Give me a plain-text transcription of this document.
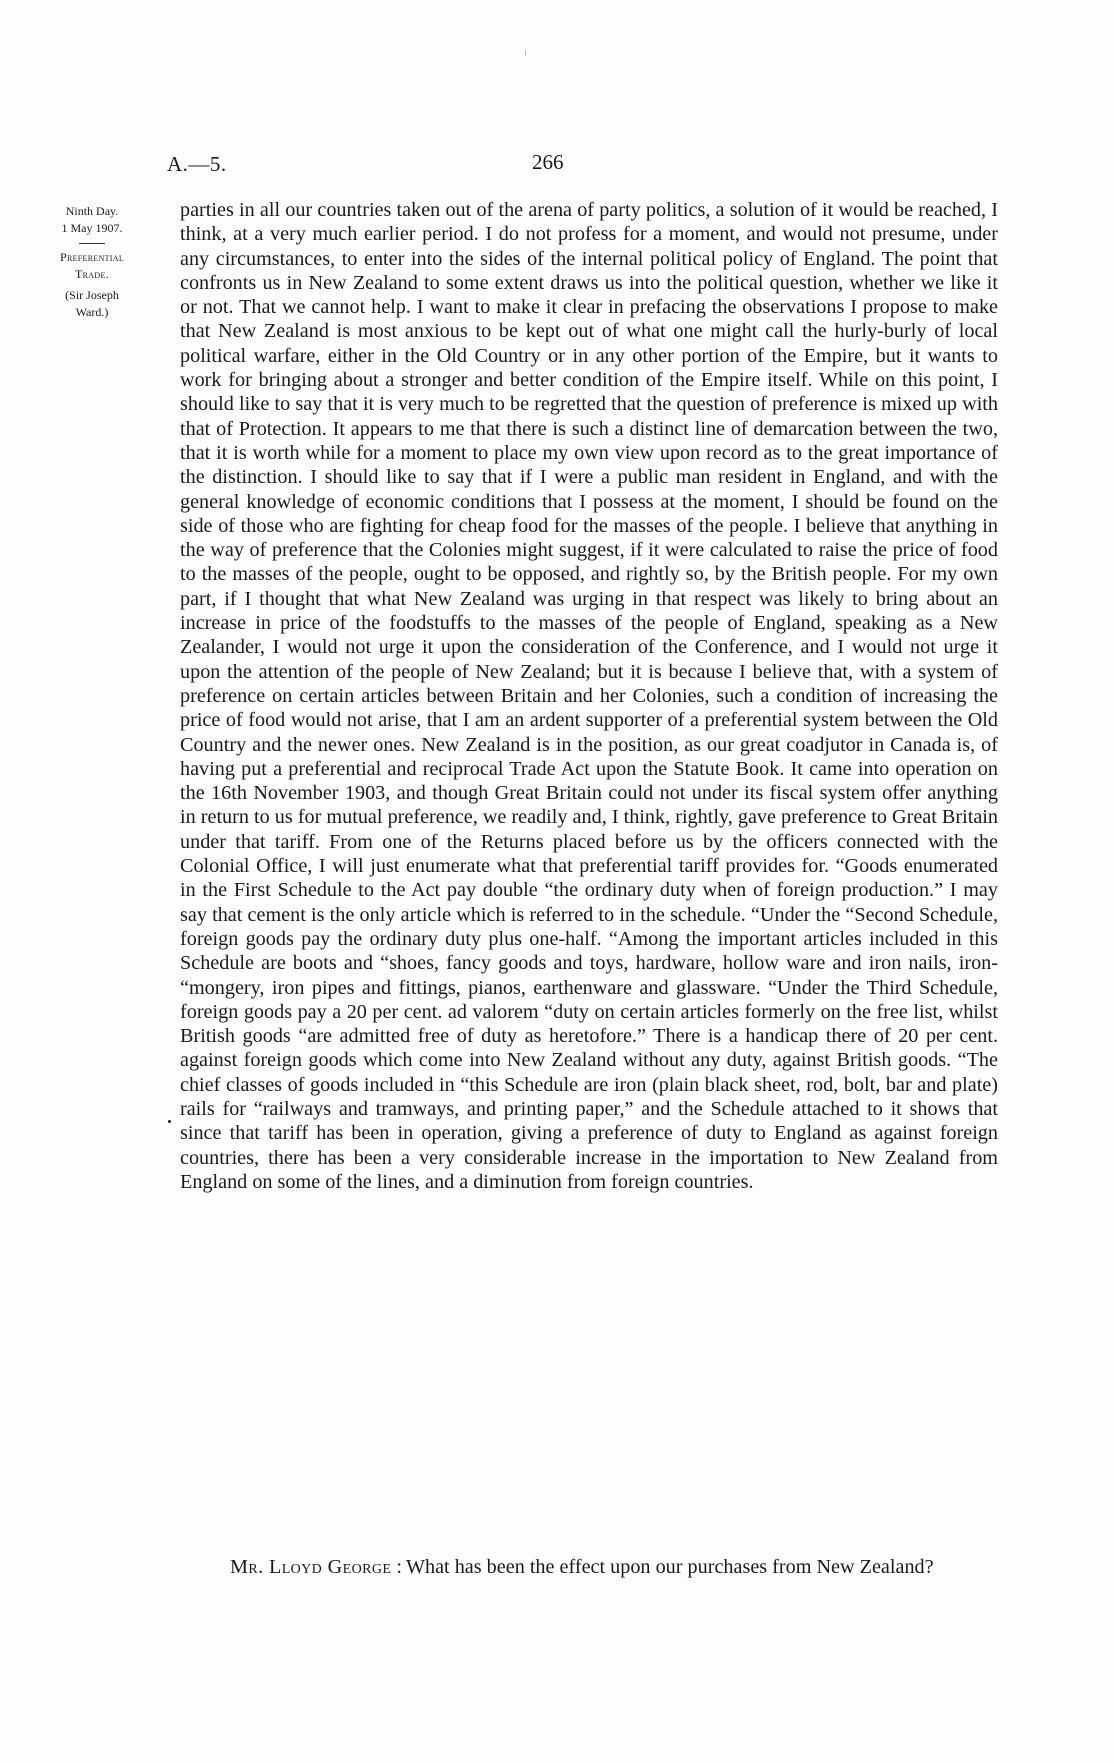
A.—5.	266
Ninth Day.
1 May 1907.
Preferential
Trade.
(Sir Joseph
Ward.)

parties in all our countries taken out of the arena of party politics, a solution of it would be reached, I think, at a very much earlier period. I do not profess for a moment, and would not presume, under any circumstances, to enter into the sides of the internal political policy of England. The point that confronts us in New Zealand to some extent draws us into the political question, whether we like it or not. That we cannot help. I want to make it clear in prefacing the observations I propose to make that New Zealand is most anxious to be kept out of what one might call the hurly-burly of local political warfare, either in the Old Country or in any other portion of the Empire, but it wants to work for bringing about a stronger and better condition of the Empire itself. While on this point, I should like to say that it is very much to be regretted that the question of preference is mixed up with that of Protection. It appears to me that there is such a distinct line of demarcation between the two, that it is worth while for a moment to place my own view upon record as to the great importance of the distinction. I should like to say that if I were a public man resident in England, and with the general knowledge of economic conditions that I possess at the moment, I should be found on the side of those who are fighting for cheap food for the masses of the people. I believe that anything in the way of preference that the Colonies might suggest, if it were calculated to raise the price of food to the masses of the people, ought to be opposed, and rightly so, by the British people. For my own part, if I thought that what New Zealand was urging in that respect was likely to bring about an increase in price of the foodstuffs to the masses of the people of England, speaking as a New Zealander, I would not urge it upon the consideration of the Conference, and I would not urge it upon the attention of the people of New Zealand; but it is because I believe that, with a system of preference on certain articles between Britain and her Colonies, such a condition of increasing the price of food would not arise, that I am an ardent supporter of a preferential system between the Old Country and the newer ones. New Zealand is in the position, as our great coadjutor in Canada is, of having put a preferential and reciprocal Trade Act upon the Statute Book. It came into operation on the 16th November 1903, and though Great Britain could not under its fiscal system offer anything in return to us for mutual preference, we readily and, I think, rightly, gave preference to Great Britain under that tariff. From one of the Returns placed before us by the officers connected with the Colonial Office, I will just enumerate what that preferential tariff provides for. “Goods enumerated in the First Schedule to the Act pay double “the ordinary duty when of foreign production.” I may say that cement is the only article which is referred to in the schedule. “Under the “Second Schedule, foreign goods pay the ordinary duty plus one-half. “Among the important articles included in this Schedule are boots and “shoes, fancy goods and toys, hardware, hollow ware and iron nails, iron- “mongery, iron pipes and fittings, pianos, earthenware and glassware. “Under the Third Schedule, foreign goods pay a 20 per cent. ad valorem “duty on certain articles formerly on the free list, whilst British goods “are admitted free of duty as heretofore.” There is a handicap there of 20 per cent. against foreign goods which come into New Zealand without any duty, against British goods. “The chief classes of goods included in “this Schedule are iron (plain black sheet, rod, bolt, bar and plate) rails for “railways and tramways, and printing paper,” and the Schedule attached to it shows that since that tariff has been in operation, giving a preference of duty to England as against foreign countries, there has been a very considerable increase in the importation to New Zealand from England on some of the lines, and a diminution from foreign countries.

Mr. Lloyd George : What has been the effect upon our purchases from New Zealand?
